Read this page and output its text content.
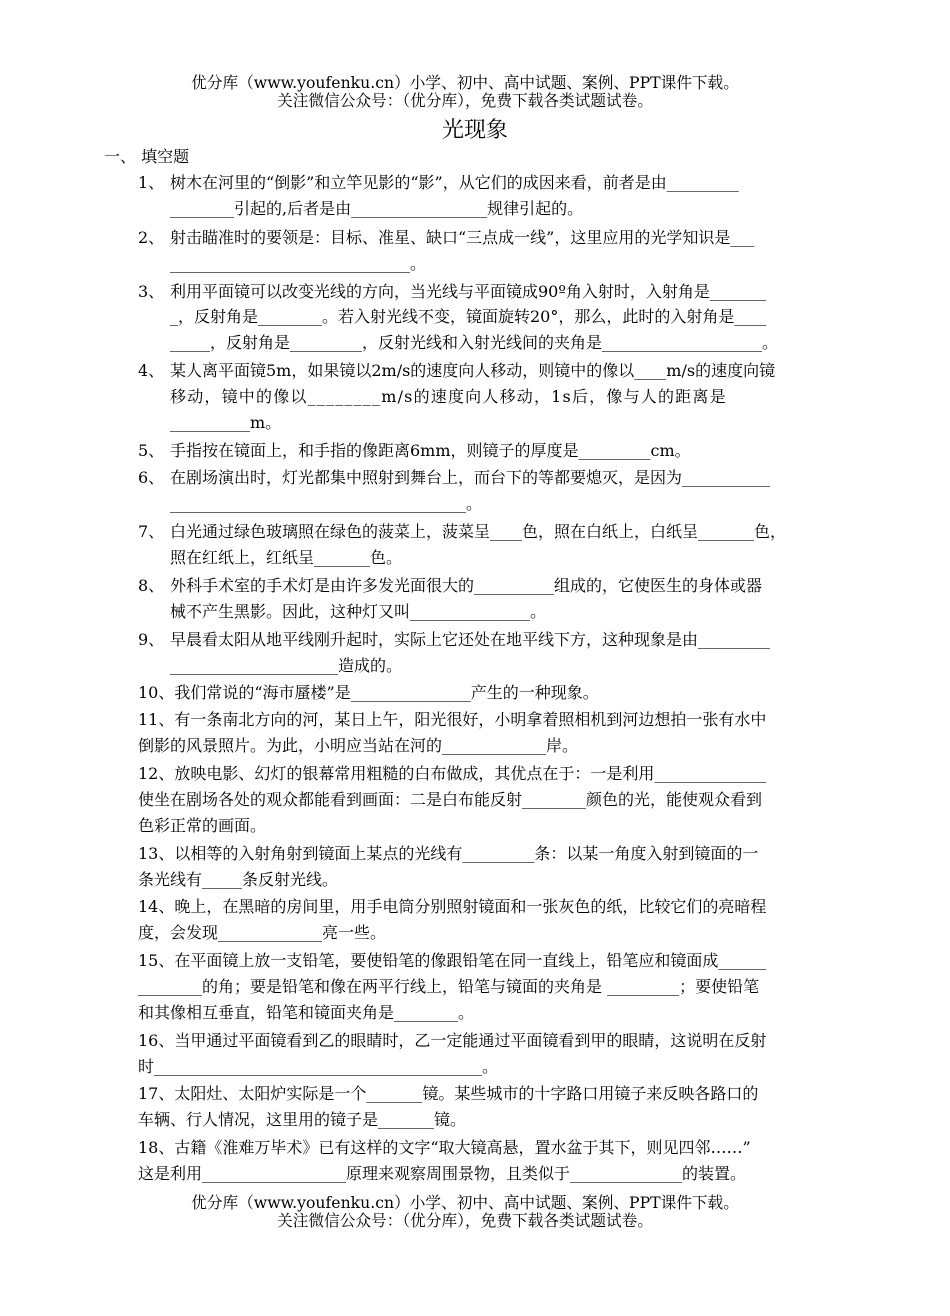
优分库（www.youfenku.cn）小学、初中、高中试题、案例、PPT课件下载。
关注微信公众号：（优分库），免费下载各类试题试卷。
光现象
一、 填空题
1、 树木在河里的“倒影”和立竿见影的“影”，从它们的成因来看，前者是由_________
________引起的,后者是由_________________规律引起的。
2、 射击瞄准时的要领是：目标、准星、缺口“三点成一线”，这里应用的光学知识是___
______________________________。
3、 利用平面镜可以改变光线的方向，当光线与平面镜成90º角入射时，入射角是_______
_，反射角是________。若入射光线不变，镜面旋转20°，那么，此时的入射角是____
_____，反射角是_________，反射光线和入射光线间的夹角是____________________。
4、 某人离平面镜5m，如果镜以2m/s的速度向人移动，则镜中的像以____m/s的速度向镜
移动，镜中的像以________m/s的速度向人移动，1s后，像与人的距离是
__________m。
5、 手指按在镜面上，和手指的像距离6mm，则镜子的厚度是_________cm。
6、 在剧场演出时，灯光都集中照射到舞台上，而台下的等都要熄灭，是因为___________
_____________________________________。
7、 白光通过绿色玻璃照在绿色的菠菜上，菠菜呈____色，照在白纸上，白纸呈_______色，
照在红纸上，红纸呈_______色。
8、 外科手术室的手术灯是由许多发光面很大的__________组成的，它使医生的身体或器
械不产生黑影。因此，这种灯又叫_______________。
9、 早晨看太阳从地平线刚升起时，实际上它还处在地平线下方，这种现象是由_________
_____________________造成的。
10、我们常说的“海市蜃楼”是_______________产生的一种现象。
11、有一条南北方向的河，某日上午，阳光很好，小明拿着照相机到河边想拍一张有水中
倒影的风景照片。为此，小明应当站在河的_____________岸。
12、放映电影、幻灯的银幕常用粗糙的白布做成，其优点在于：一是利用______________
使坐在剧场各处的观众都能看到画面：二是白布能反射________颜色的光，能使观众看到
色彩正常的画面。
13、以相等的入射角射到镜面上某点的光线有_________条：以某一角度入射到镜面的一
条光线有_____条反射光线。
14、晚上，在黑暗的房间里，用手电筒分别照射镜面和一张灰色的纸，比较它们的亮暗程
度，会发现_____________亮一些。
15、在平面镜上放一支铅笔，要使铅笔的像跟铅笔在同一直线上，铅笔应和镜面成______
________的角；要是铅笔和像在两平行线上，铅笔与镜面的夹角是 _________；要使铅笔
和其像相互垂直，铅笔和镜面夹角是________。
16、当甲通过平面镜看到乙的眼睛时，乙一定能通过平面镜看到甲的眼睛，这说明在反射
时_________________________________________。
17、太阳灶、太阳炉实际是一个_______镜。某些城市的十字路口用镜子来反映各路口的
车辆、行人情况，这里用的镜子是_______镜。
18、古籍《淮难万毕术》已有这样的文字“取大镜高悬，置水盆于其下，则见四邻……”
这是利用__________________原理来观察周围景物，且类似于______________的装置。
优分库（www.youfenku.cn）小学、初中、高中试题、案例、PPT课件下载。
关注微信公众号：（优分库），免费下载各类试题试卷。
